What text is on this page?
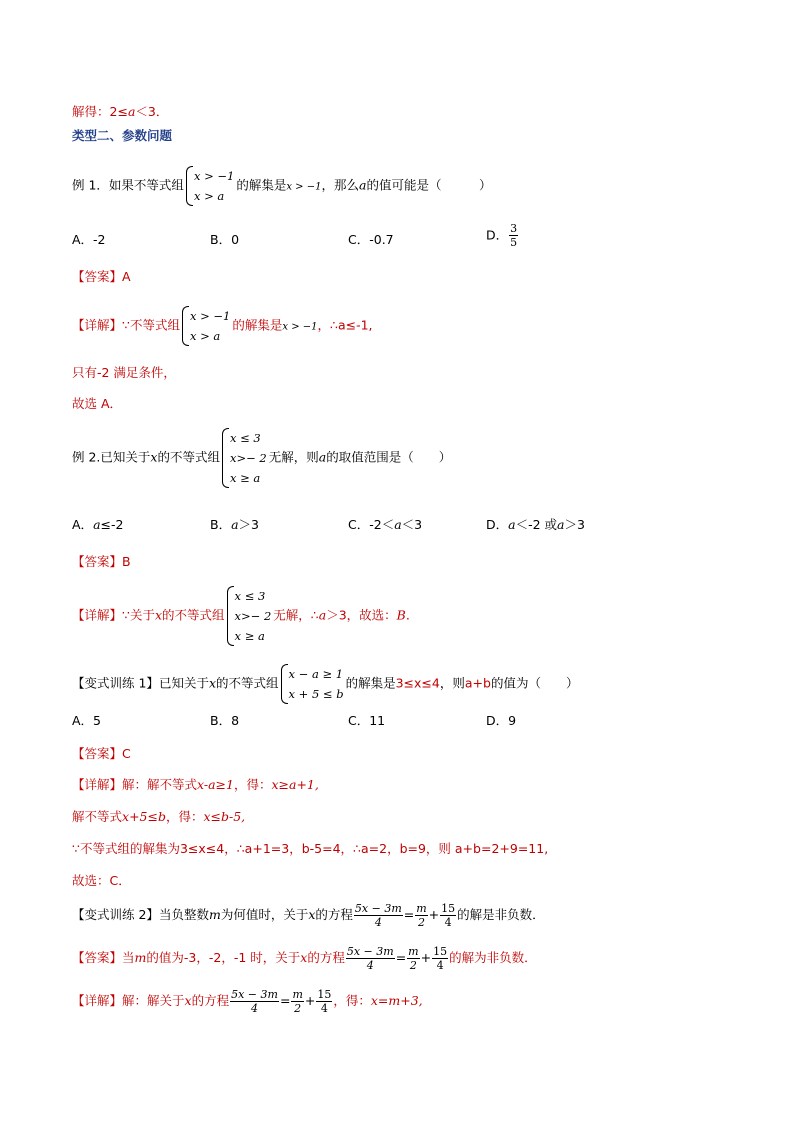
解得：2≤a＜3．
类型二、参数问题
例 1．如果不等式组
x > −1
x > a
的解集是x > −1，那么a的值可能是（　　　）
A．-2	B．0	C．-0.7	D． $\frac{3}{5}$
【答案】A
【详解】∵不等式组
x > −1
x > a
的解集是x > −1，∴a≤-1,
只有-2 满足条件，
故选 A．
例 2.已知关于x的不等式组
x ≤ 3
x>− 2
x ≥ a
无解，则a的取值范围是（　　）
A．a≤-2	B．a＞3	C．-2＜a＜3	D．a＜-2 或a＞3
【答案】B
【详解】∵关于x的不等式组
x ≤ 3
x>− 2
x ≥ a
无解，∴a＞3，故选：B.
【变式训练 1】已知关于x的不等式组
x − a ≥ 1
x + 5 ≤ b
的解集是3≤x≤4，则a+b的值为（　　）
A．5	B．8	C．11	D．9
【答案】C
【详解】解：解不等式x-a≥1，得：x≥a+1,
解不等式x+5≤b，得：x≤b-5,
∵不等式组的解集为3≤x≤4，∴a+1=3，b-5=4，∴a=2，b=9，则 a+b=2+9=11,
故选：C．
【变式训练 2】当负整数m为何值时，关于x的方程 $\frac{5x - 3m}{4} = \frac{m}{2} + \frac{15}{4}$ 的解是非负数．
【答案】当m的值为-3，-2，-1 时，关于x的方程 $\frac{5x - 3m}{4} = \frac{m}{2} + \frac{15}{4}$ 的解为非负数．
【详解】解：解关于x的方程 $\frac{5x - 3m}{4} = \frac{m}{2} + \frac{15}{4}$ ，得：x=m+3,
